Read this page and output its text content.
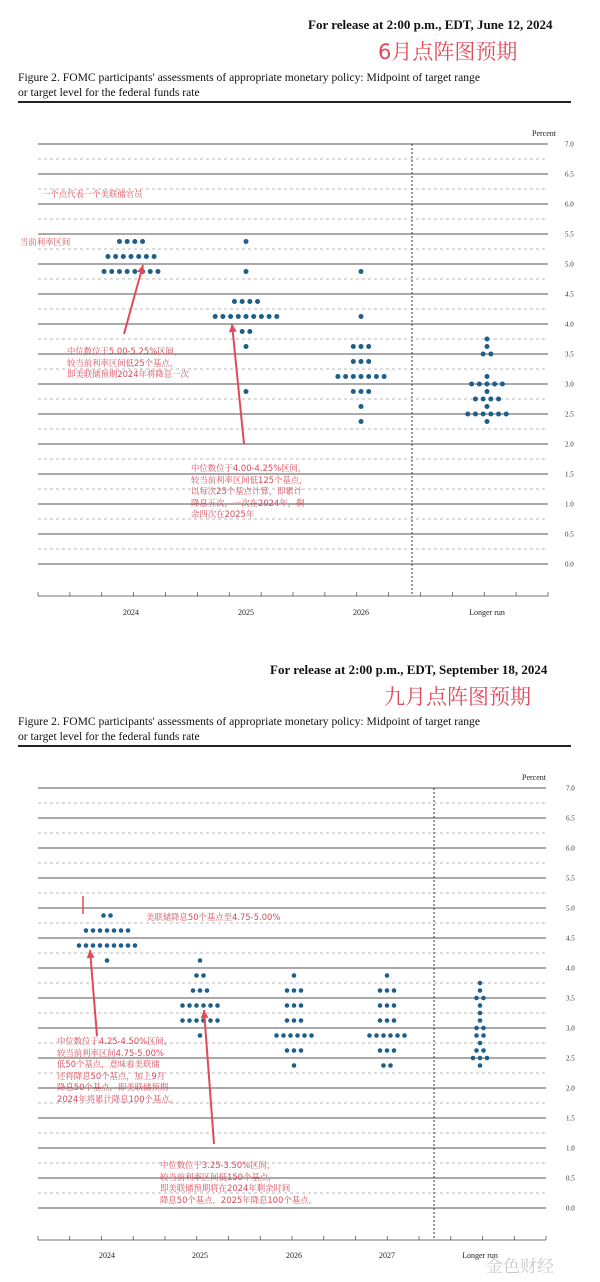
For release at 2:00 p.m., EDT, June 12, 2024
6月点阵图预期
Figure 2. FOMC participants' assessments of appropriate monetary policy: Midpoint of target range
or target level for the federal funds rate
0.0
0.5
1.0
1.5
2.0
2.5
3.0
3.5
4.0
4.5
5.0
5.5
6.0
6.5
7.0
Percent
2024	2025	2026	Longer run
一个点代表一个美联储官员
当前利率区间
中位数位于5.00-5.25%区间，
较当前利率区间低25个基点，
即美联储预期2024年将降息一次
中位数位于4.00-4.25%区间，
较当前利率区间低125个基点，
以每次25个基点计算，即累计
降息五次，一次在2024年，剩
余四次在2025年
For release at 2:00 p.m., EDT, September 18, 2024
九月点阵图预期
Figure 2. FOMC participants' assessments of appropriate monetary policy: Midpoint of target range
or target level for the federal funds rate
0.0
0.5
1.0
1.5
2.0
2.5
3.0
3.5
4.0
4.5
5.0
5.5
6.0
6.5
7.0
Percent
2024	2025	2026	2027	Longer run
美联储降息50个基点至4.75-5.00%
中位数位于4.25-4.50%区间，
较当前利率区间4.75-5.00%
低50个基点，意味着美联储
还将降息50个基点，加上9月
降息50个基点，即美联储预期
2024年将累计降息100个基点。
中位数位于3.25-3.50%区间，
较当前利率区间低150个基点，
即美联储预期将在2024年剩余时间
降息50个基点，2025年降息100个基点。
金色财经
